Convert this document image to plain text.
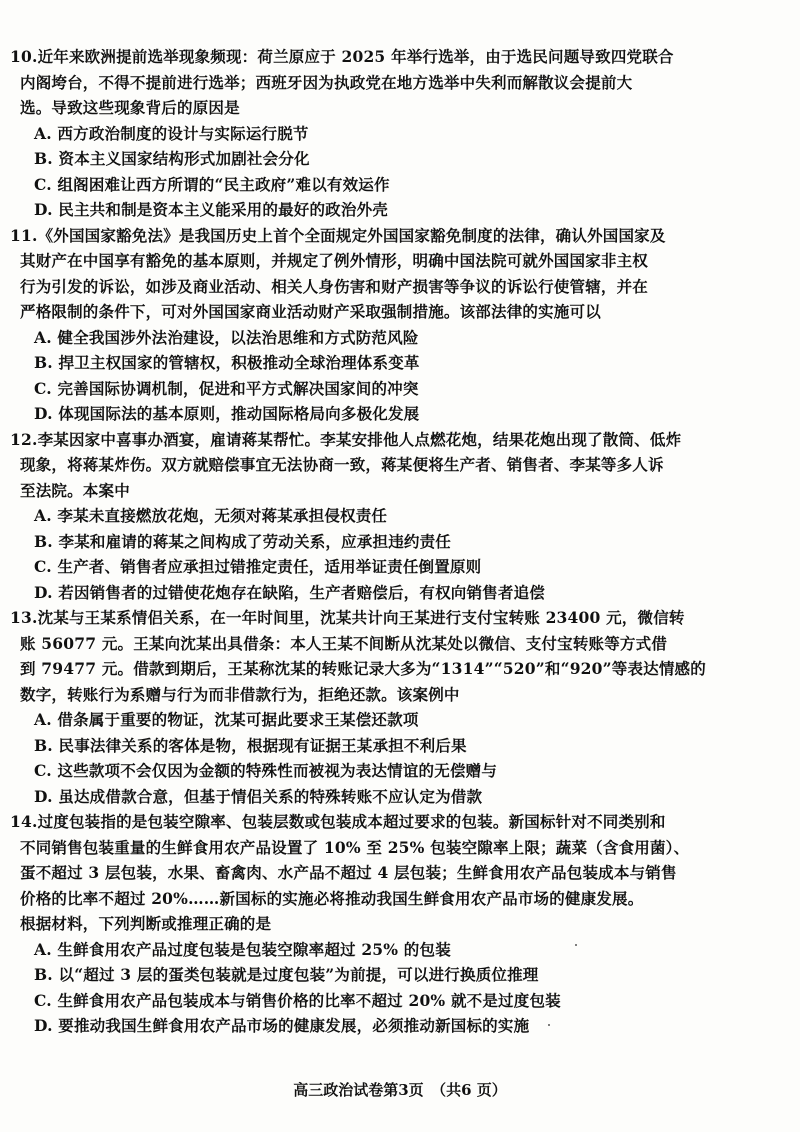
10.近年来欧洲提前选举现象频现：荷兰原应于 2025 年举行选举，由于选民问题导致四党联合
内阁垮台，不得不提前进行选举；西班牙因为执政党在地方选举中失利而解散议会提前大
选。导致这些现象背后的原因是
A. 西方政治制度的设计与实际运行脱节
B. 资本主义国家结构形式加剧社会分化
C. 组阁困难让西方所谓的“民主政府”难以有效运作
D. 民主共和制是资本主义能采用的最好的政治外壳
11.《外国国家豁免法》是我国历史上首个全面规定外国国家豁免制度的法律，确认外国国家及
其财产在中国享有豁免的基本原则，并规定了例外情形，明确中国法院可就外国国家非主权
行为引发的诉讼，如涉及商业活动、相关人身伤害和财产损害等争议的诉讼行使管辖，并在
严格限制的条件下，可对外国国家商业活动财产采取强制措施。该部法律的实施可以
A. 健全我国涉外法治建设，以法治思维和方式防范风险
B. 捍卫主权国家的管辖权，积极推动全球治理体系变革
C. 完善国际协调机制，促进和平方式解决国家间的冲突
D. 体现国际法的基本原则，推动国际格局向多极化发展
12.李某因家中喜事办酒宴，雇请蒋某帮忙。李某安排他人点燃花炮，结果花炮出现了散筒、低炸
现象，将蒋某炸伤。双方就赔偿事宜无法协商一致，蒋某便将生产者、销售者、李某等多人诉
至法院。本案中
A. 李某未直接燃放花炮，无须对蒋某承担侵权责任
B. 李某和雇请的蒋某之间构成了劳动关系，应承担违约责任
C. 生产者、销售者应承担过错推定责任，适用举证责任倒置原则
D. 若因销售者的过错使花炮存在缺陷，生产者赔偿后，有权向销售者追偿
13.沈某与王某系情侣关系，在一年时间里，沈某共计向王某进行支付宝转账 23400 元，微信转
账 56077 元。王某向沈某出具借条：本人王某不间断从沈某处以微信、支付宝转账等方式借
到 79477 元。借款到期后，王某称沈某的转账记录大多为“1314”“520”和“920”等表达情感的
数字，转账行为系赠与行为而非借款行为，拒绝还款。该案例中
A. 借条属于重要的物证，沈某可据此要求王某偿还款项
B. 民事法律关系的客体是物，根据现有证据王某承担不利后果
C. 这些款项不会仅因为金额的特殊性而被视为表达情谊的无偿赠与
D. 虽达成借款合意，但基于情侣关系的特殊转账不应认定为借款
14.过度包装指的是包装空隙率、包装层数或包装成本超过要求的包装。新国标针对不同类别和
不同销售包装重量的生鲜食用农产品设置了 10% 至 25% 包装空隙率上限；蔬菜（含食用菌）、
蛋不超过 3 层包装，水果、畜禽肉、水产品不超过 4 层包装；生鲜食用农产品包装成本与销售
价格的比率不超过 20%……新国标的实施必将推动我国生鲜食用农产品市场的健康发展。
根据材料，下列判断或推理正确的是
A. 生鲜食用农产品过度包装是包装空隙率超过 25% 的包装
B. 以“超过 3 层的蛋类包装就是过度包装”为前提，可以进行换质位推理
C. 生鲜食用农产品包装成本与销售价格的比率不超过 20% 就不是过度包装
D. 要推动我国生鲜食用农产品市场的健康发展，必须推动新国标的实施
高三政治试卷第3页　（共6 页）
